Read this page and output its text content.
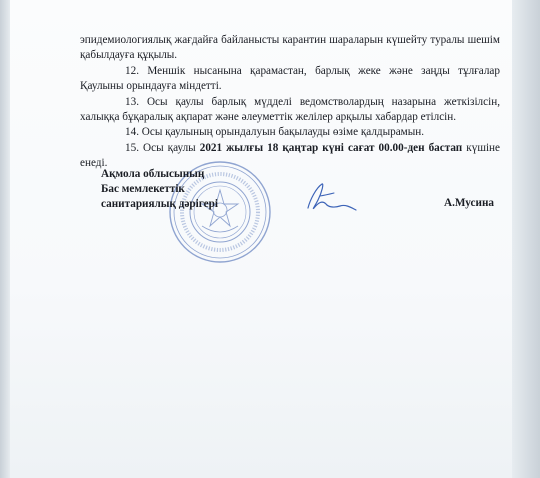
эпидемиологиялық жағдайға байланысты карантин шараларын күшейту туралы шешім қабылдауға құқылы.

12. Меншік нысанына қарамастан, барлық жеке және заңды тұлғалар Қаулыны орындауға міндетті.

13. Осы қаулы барлық мүдделі ведомстволардың назарына жеткізілсін, халыққа бұқаралық ақпарат және әлеуметтік желілер арқылы хабардар етілсін.

14. Осы қаулының орындалуын бақылауды өзіме қалдырамын.

15. Осы қаулы 2021 жылғы 18 қаңтар күні сағат 00.00-ден бастап күшіне енеді.

Ақмола облысының
Бас мемлекеттік
санитариялық дәрігері	А.Мусина
